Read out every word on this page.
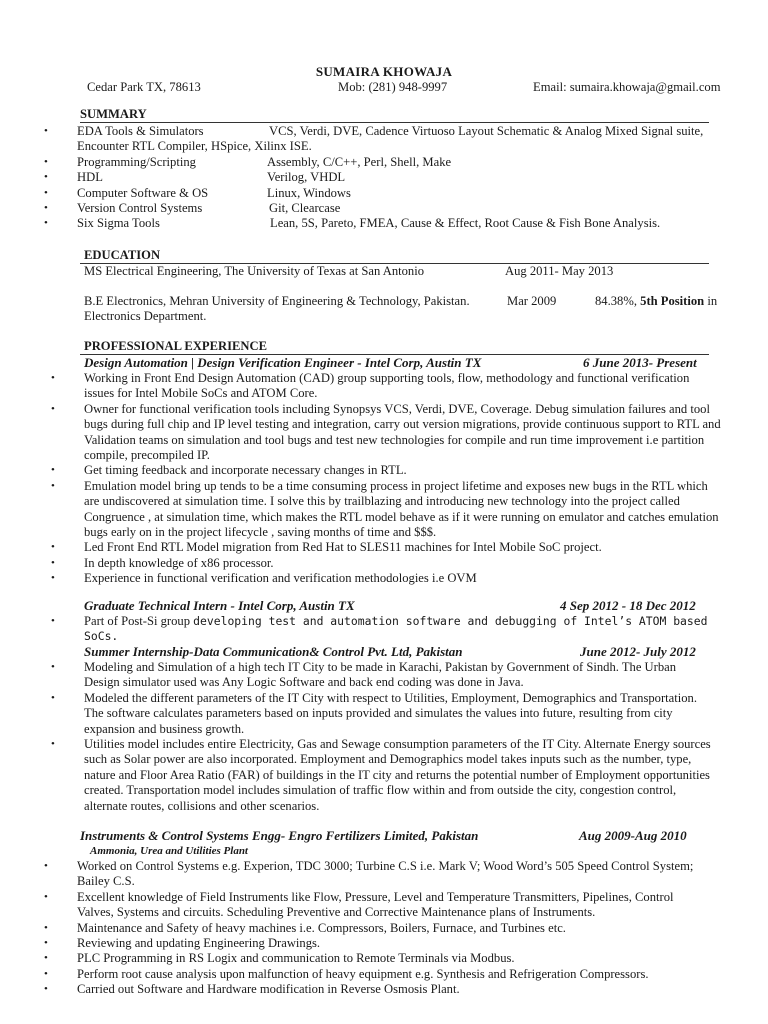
SUMAIRA KHOWAJA
Cedar Park TX, 78613	Mob: (281) 948-9997	Email: sumaira.khowaja@gmail.com
SUMMARY
• EDA Tools & Simulators	VCS, Verdi, DVE, Cadence Virtuoso Layout Schematic & Analog Mixed Signal suite,
Encounter RTL Compiler, HSpice, Xilinx ISE.
• Programming/Scripting	Assembly, C/C++, Perl, Shell, Make
• HDL	Verilog, VHDL
• Computer Software & OS	Linux, Windows
• Version Control Systems	Git, Clearcase
• Six Sigma Tools	Lean, 5S, Pareto, FMEA, Cause & Effect, Root Cause & Fish Bone Analysis.
EDUCATION
MS Electrical Engineering, The University of Texas at San Antonio	Aug 2011- May 2013
B.E Electronics, Mehran University of Engineering & Technology, Pakistan.	Mar 2009	84.38%, 5th Position in
Electronics Department.
PROFESSIONAL EXPERIENCE
Design Automation | Design Verification Engineer - Intel Corp, Austin TX	6 June 2013- Present
• Working in Front End Design Automation (CAD) group supporting tools, flow, methodology and functional verification
issues for Intel Mobile SoCs and ATOM Core.
• Owner for functional verification tools including Synopsys VCS, Verdi, DVE, Coverage. Debug simulation failures and tool
bugs during full chip and IP level testing and integration, carry out version migrations, provide continuous support to RTL and
Validation teams on simulation and tool bugs and test new technologies for compile and run time improvement i.e partition
compile, precompiled IP.
• Get timing feedback and incorporate necessary changes in RTL.
• Emulation model bring up tends to be a time consuming process in project lifetime and exposes new bugs in the RTL which
are undiscovered at simulation time. I solve this by trailblazing and introducing new technology into the project called
Congruence , at simulation time, which makes the RTL model behave as if it were running on emulator and catches emulation
bugs early on in the project lifecycle , saving months of time and $$$.
• Led Front End RTL Model migration from Red Hat to SLES11 machines for Intel Mobile SoC project.
• In depth knowledge of x86 processor.
• Experience in functional verification and verification methodologies i.e OVM
Graduate Technical Intern - Intel Corp, Austin TX	4 Sep 2012 - 18 Dec 2012
• Part of Post-Si group developing test and automation software and debugging of Intel’s ATOM based SoCs.
Summer Internship-Data Communication& Control Pvt. Ltd, Pakistan	June 2012- July 2012
• Modeling and Simulation of a high tech IT City to be made in Karachi, Pakistan by Government of Sindh. The Urban
Design simulator used was Any Logic Software and back end coding was done in Java.
• Modeled the different parameters of the IT City with respect to Utilities, Employment, Demographics and Transportation.
The software calculates parameters based on inputs provided and simulates the values into future, resulting from city
expansion and business growth.
• Utilities model includes entire Electricity, Gas and Sewage consumption parameters of the IT City. Alternate Energy sources
such as Solar power are also incorporated. Employment and Demographics model takes inputs such as the number, type,
nature and Floor Area Ratio (FAR) of buildings in the IT city and returns the potential number of Employment opportunities
created. Transportation model includes simulation of traffic flow within and from outside the city, congestion control,
alternate routes, collisions and other scenarios.
Instruments & Control Systems Engg- Engro Fertilizers Limited, Pakistan	Aug 2009-Aug 2010
Ammonia, Urea and Utilities Plant
• Worked on Control Systems e.g. Experion, TDC 3000; Turbine C.S i.e. Mark V; Wood Word’s 505 Speed Control System;
Bailey C.S.
• Excellent knowledge of Field Instruments like Flow, Pressure, Level and Temperature Transmitters, Pipelines, Control
Valves, Systems and circuits. Scheduling Preventive and Corrective Maintenance plans of Instruments.
• Maintenance and Safety of heavy machines i.e. Compressors, Boilers, Furnace, and Turbines etc.
• Reviewing and updating Engineering Drawings.
• PLC Programming in RS Logix and communication to Remote Terminals via Modbus.
• Perform root cause analysis upon malfunction of heavy equipment e.g. Synthesis and Refrigeration Compressors.
• Carried out Software and Hardware modification in Reverse Osmosis Plant.
